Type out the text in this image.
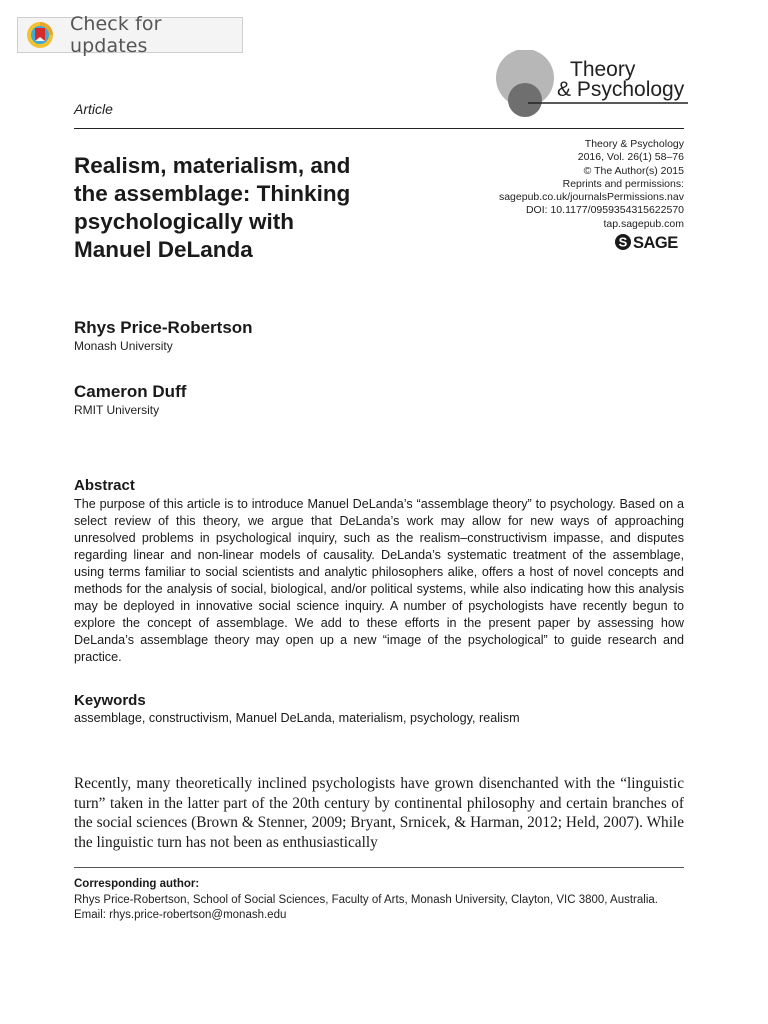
Check for updates
Theory
& Psychology
Article
Realism, materialism, and
the assemblage: Thinking
psychologically with
Manuel DeLanda
Theory & Psychology
2016, Vol. 26(1) 58–76
© The Author(s) 2015
Reprints and permissions:
sagepub.co.uk/journalsPermissions.nav
DOI: 10.1177/0959354315622570
tap.sagepub.com
S SAGE
Rhys Price-Robertson
Monash University
Cameron Duff
RMIT University
Abstract
The purpose of this article is to introduce Manuel DeLanda’s “assemblage theory” to psychology. Based on a select review of this theory, we argue that DeLanda’s work may allow for new ways of approaching unresolved problems in psychological inquiry, such as the realism–constructivism impasse, and disputes regarding linear and non-linear models of causality. DeLanda’s systematic treatment of the assemblage, using terms familiar to social scientists and analytic philosophers alike, offers a host of novel concepts and methods for the analysis of social, biological, and/or political systems, while also indicating how this analysis may be deployed in innovative social science inquiry. A number of psychologists have recently begun to explore the concept of assemblage. We add to these efforts in the present paper by assessing how DeLanda’s assemblage theory may open up a new “image of the psychological” to guide research and practice.
Keywords
assemblage, constructivism, Manuel DeLanda, materialism, psychology, realism
Recently, many theoretically inclined psychologists have grown disenchanted with the “linguistic turn” taken in the latter part of the 20th century by continental philosophy and certain branches of the social sciences (Brown & Stenner, 2009; Bryant, Srnicek, & Harman, 2012; Held, 2007). While the linguistic turn has not been as enthusiastically
Corresponding author:
Rhys Price-Robertson, School of Social Sciences, Faculty of Arts, Monash University, Clayton, VIC 3800, Australia.
Email: rhys.price-robertson@monash.edu
